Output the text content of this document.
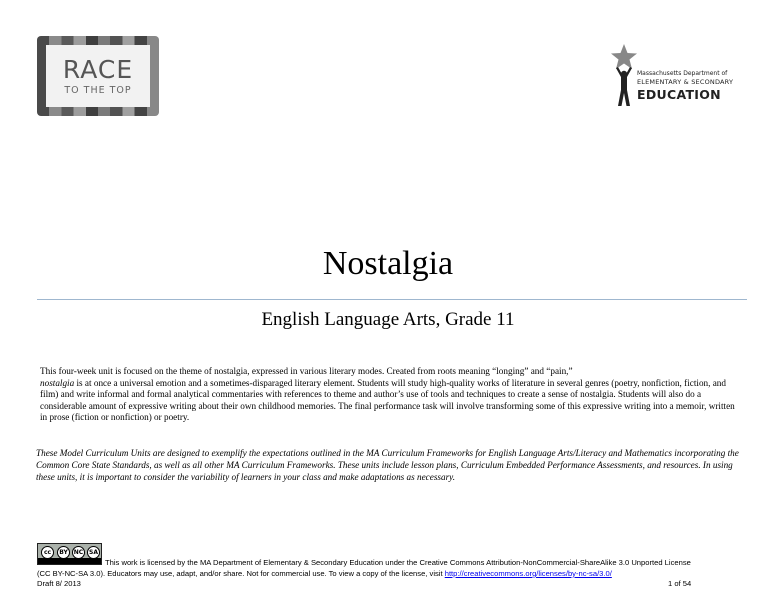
RACE
TO THE TOP
Massachusetts Department of
ELEMENTARY & SECONDARY
EDUCATION
Nostalgia
English Language Arts, Grade 11
This four-week unit is focused on the theme of nostalgia, expressed in various literary modes. Created from roots meaning “longing” and “pain,”
nostalgia is at once a universal emotion and a sometimes-disparaged literary element. Students will study high-quality works of literature in several genres (poetry, nonfiction, fiction, and film) and write informal and formal analytical commentaries with references to theme and author’s use of tools and techniques to create a sense of nostalgia. Students will also do a considerable amount of expressive writing about their own childhood memories. The final performance task will involve transforming some of this expressive writing into a memoir, written in prose (fiction or nonfiction) or poetry.
These Model Curriculum Units are designed to exemplify the expectations outlined in the MA Curriculum Frameworks for English Language Arts/Literacy and Mathematics incorporating the Common Core State Standards, as well as all other MA Curriculum Frameworks. These units include lesson plans, Curriculum Embedded Performance Assessments, and resources. In using these units, it is important to consider the variability of learners in your class and make adaptations as necessary.
cc	BY NC SA
This work is licensed by the MA Department of Elementary & Secondary Education under the Creative Commons Attribution-NonCommercial-ShareAlike 3.0 Unported License
(CC BY-NC-SA 3.0). Educators may use, adapt, and/or share. Not for commercial use. To view a copy of the license, visit http://creativecommons.org/licenses/by-nc-sa/3.0/
Draft 8/ 2013	1 of 54
